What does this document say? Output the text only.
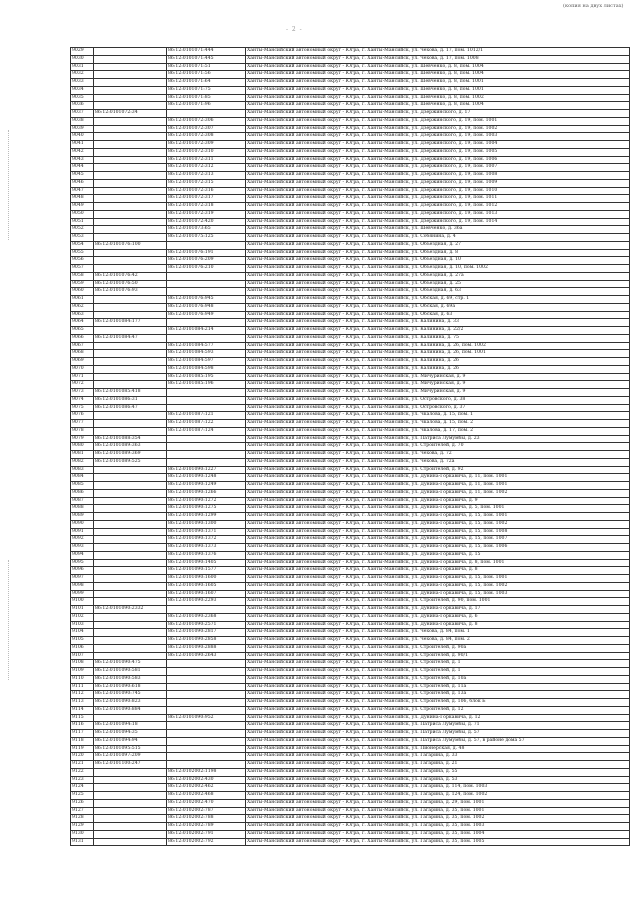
(копия на двух листах)
- 2 -
9029		86:12:0101071:444	Ханты-Мансийский автономный округ - Югра, г. Ханты-Мансийск, ул. Чехова, д. 17, пом. 1012/1
9030		86:12:0101071:445	Ханты-Мансийский автономный округ - Югра, г. Ханты-Мансийск, ул. Чехова, д. 17, пом. 1008
9031		86:12:0101071:51	Ханты-Мансийский автономный округ - Югра, г. Ханты-Мансийск, ул. Шевченко, д. 8, пом. 1004
9032		86:12:0101071:56	Ханты-Мансийский автономный округ - Югра, г. Ханты-Мансийск, ул. Шевченко, д. 8, пом. 1004
9033		86:12:0101071:64	Ханты-Мансийский автономный округ - Югра, г. Ханты-Мансийск, ул. Шевченко, д. 8, пом. 1001
9034		86:12:0101071:75	Ханты-Мансийский автономный округ - Югра, г. Ханты-Мансийск, ул. Шевченко, д. 8, пом. 1001
9035		86:12:0101071:85	Ханты-Мансийский автономный округ - Югра, г. Ханты-Мансийск, ул. Шевченко, д. 8, пом. 1002
9036		86:12:0101071:96	Ханты-Мансийский автономный округ - Югра, г. Ханты-Мансийск, ул. Шевченко, д. 8, пом. 1004
9037	86:12:0101072:34		Ханты-Мансийский автономный округ - Югра, г. Ханты-Мансийск, ул. Дзержинского, д. 17
9038		86:12:0101072:306	Ханты-Мансийский автономный округ - Югра, г. Ханты-Мансийск, ул. Дзержинского, д. 19, пом. 1001
9039		86:12:0101072:307	Ханты-Мансийский автономный округ - Югра, г. Ханты-Мансийск, ул. Дзержинского, д. 19, пом. 1002
9040		86:12:0101072:308	Ханты-Мансийский автономный округ - Югра, г. Ханты-Мансийск, ул. Дзержинского, д. 19, пом. 1003
9041		86:12:0101072:309	Ханты-Мансийский автономный округ - Югра, г. Ханты-Мансийск, ул. Дзержинского, д. 19, пом. 1004
9042		86:12:0101072:310	Ханты-Мансийский автономный округ - Югра, г. Ханты-Мансийск, ул. Дзержинского, д. 19, пом. 1005
9043		86:12:0101072:311	Ханты-Мансийский автономный округ - Югра, г. Ханты-Мансийск, ул. Дзержинского, д. 19, пом. 1006
9044		86:12:0101072:312	Ханты-Мансийский автономный округ - Югра, г. Ханты-Мансийск, ул. Дзержинского, д. 19, пом. 1007
9045		86:12:0101072:313	Ханты-Мансийский автономный округ - Югра, г. Ханты-Мансийск, ул. Дзержинского, д. 19, пом. 1008
9046		86:12:0101072:315	Ханты-Мансийский автономный округ - Югра, г. Ханты-Мансийск, ул. Дзержинского, д. 19, пом. 1009
9047		86:12:0101072:316	Ханты-Мансийский автономный округ - Югра, г. Ханты-Мансийск, ул. Дзержинского, д. 19, пом. 1010
9048		86:12:0101072:317	Ханты-Мансийский автономный округ - Югра, г. Ханты-Мансийск, ул. Дзержинского, д. 19, пом. 1011
9049		86:12:0101072:318	Ханты-Мансийский автономный округ - Югра, г. Ханты-Мансийск, ул. Дзержинского, д. 19, пом. 1012
9050		86:12:0101072:319	Ханты-Мансийский автономный округ - Югра, г. Ханты-Мансийск, ул. Дзержинского, д. 19, пом. 1013
9051		86:12:0101072:420	Ханты-Мансийский автономный округ - Югра, г. Ханты-Мансийск, ул. Дзержинского, д. 19, пом. 1014
9052		86:12:0101073:65	Ханты-Мансийский автономный округ - Югра, г. Ханты-Мансийск, ул. Шевченко, д. 36а
9053		86:12:0101075:125	Ханты-Мансийский автономный округ - Югра, г. Ханты-Мансийск, ул. Собянина, д. 4
9054	86:12:0101076:100		Ханты-Мансийский автономный округ - Югра, г. Ханты-Мансийск, ул. Объездная, д. 27
9055		86:12:0101076:191	Ханты-Мансийский автономный округ - Югра, г. Ханты-Мансийск, ул. Объездная, д. 8
9056		86:12:0101076:209	Ханты-Мансийский автономный округ - Югра, г. Ханты-Мансийск, ул. Объездная, д. 10
9057		86:12:0101076:210	Ханты-Мансийский автономный округ - Югра, г. Ханты-Мансийск, ул. Объездная, д. 10, пом. 1002
9058	86:12:0101076:42		Ханты-Мансийский автономный округ - Югра, г. Ханты-Мансийск, ул. Объездная, д. 27а
9059	86:12:0101076:50		Ханты-Мансийский автономный округ - Югра, г. Ханты-Мансийск, ул. Объездная, д. 25
9060	86:12:0101076:93		Ханты-Мансийский автономный округ - Югра, г. Ханты-Мансийск, ул. Объездная, д. 63
9061		86:12:0101076:945	Ханты-Мансийский автономный округ - Югра, г. Ханты-Мансийск, ул. Обская, д. 69, стр. 1
9062		86:12:0101076:948	Ханты-Мансийский автономный округ - Югра, г. Ханты-Мансийск, ул. Обская, д. 69а
9063		86:12:0101076:949	Ханты-Мансийский автономный округ - Югра, г. Ханты-Мансийск, ул. Обская, д. 63
9064	86:12:0101084:177		Ханты-Мансийский автономный округ - Югра, г. Ханты-Мансийск, ул. Калинина, д. 33
9065		86:12:0101084:214	Ханты-Мансийский автономный округ - Югра, г. Ханты-Мансийск, ул. Калинина, д. 22/2
9066	86:12:0101084:47		Ханты-Мансийский автономный округ - Югра, г. Ханты-Мансийск, ул. Калинина, д. 75
9067		86:12:0101084:577	Ханты-Мансийский автономный округ - Югра, г. Ханты-Мансийск, ул. Калинина, д. 26, пом. 1002
9068		86:12:0101084:593	Ханты-Мансийский автономный округ - Югра, г. Ханты-Мансийск, ул. Калинина, д. 26, пом. 1001
9069		86:12:0101084:597	Ханты-Мансийский автономный округ - Югра, г. Ханты-Мансийск, ул. Калинина, д. 26
9070		86:12:0101084:598	Ханты-Мансийский автономный округ - Югра, г. Ханты-Мансийск, ул. Калинина, д. 26
9071		86:12:0101085:195	Ханты-Мансийский автономный округ - Югра, г. Ханты-Мансийск, ул. Мичуринская, д. 9
9072		86:12:0101085:196	Ханты-Мансийский автономный округ - Югра, г. Ханты-Мансийск, ул. Мичуринская, д. 9
9073	86:12:0101085:418		Ханты-Мансийский автономный округ - Югра, г. Ханты-Мансийск, ул. Мичуринская, д. 9
9074	86:12:0101086:31		Ханты-Мансийский автономный округ - Югра, г. Ханты-Мансийск, ул. Островского, д. 38
9075	86:12:0101086:47		Ханты-Мансийский автономный округ - Югра, г. Ханты-Мансийск, ул. Островского, д. 37
9076		86:12:0101087:121	Ханты-Мансийский автономный округ - Югра, г. Ханты-Мансийск, ул. Чкалова, д. 15, пом. 1
9077		86:12:0101087:122	Ханты-Мансийский автономный округ - Югра, г. Ханты-Мансийск, ул. Чкалова, д. 15, пом. 2
9078		86:12:0101087:124	Ханты-Мансийский автономный округ - Югра, г. Ханты-Мансийск, ул. Чкалова, д. 17, пом. 2
9079	86:12:0101088:354		Ханты-Мансийский автономный округ - Югра, г. Ханты-Мансийск, ул. Патриса Лумумбы, д. 23
9080	86:12:0101089:363		Ханты-Мансийский автономный округ - Югра, г. Ханты-Мансийск, ул. Строителей, д. 70
9081	86:12:0101089:369		Ханты-Мансийский автономный округ - Югра, г. Ханты-Мансийск, ул. Чехова, д. 72
9082	86:12:0101089:525		Ханты-Мансийский автономный округ - Югра, г. Ханты-Мансийск, ул. Чехова, д. 72а
9083		86:12:0101090:1227	Ханты-Мансийский автономный округ - Югра, г. Ханты-Мансийск, ул. Строителей, д. 92
9084		86:12:0101090:1248	Ханты-Мансийский автономный округ - Югра, г. Ханты-Мансийск, ул. Дунина-Горкавича, д. 11, пом. 1001
9085		86:12:0101090:1249	Ханты-Мансийский автономный округ - Югра, г. Ханты-Мансийск, ул. Дунина-Горкавича, д. 11, пом. 1001
9086		86:12:0101090:1266	Ханты-Мансийский автономный округ - Югра, г. Ханты-Мансийск, ул. Дунина-Горкавича, д. 11, пом. 1002
9087		86:12:0101090:1272	Ханты-Мансийский автономный округ - Югра, г. Ханты-Мансийск, ул. Дунина-Горкавича, д. 9
9088		86:12:0101090:1275	Ханты-Мансийский автономный округ - Югра, г. Ханты-Мансийск, ул. Дунина-Горкавича, д. 5, пом. 1001
9089		86:12:0101090:1299	Ханты-Мансийский автономный округ - Югра, г. Ханты-Мансийск, ул. Дунина-Горкавича, д. 15, пом. 1001
9090		86:12:0101090:1300	Ханты-Мансийский автономный округ - Югра, г. Ханты-Мансийск, ул. Дунина-Горкавича, д. 15, пом. 1002
9091		86:12:0101090:1371	Ханты-Мансийский автономный округ - Югра, г. Ханты-Мансийск, ул. Дунина-Горкавича, д. 15, пом. 1008
9092		86:12:0101090:1372	Ханты-Мансийский автономный округ - Югра, г. Ханты-Мансийск, ул. Дунина-Горкавича, д. 15, пом. 1007
9093		86:12:0101090:1373	Ханты-Мансийский автономный округ - Югра, г. Ханты-Мансийск, ул. Дунина-Горкавича, д. 15, пом. 1006
9094		86:12:0101090:1376	Ханты-Мансийский автономный округ - Югра, г. Ханты-Мансийск, ул. Дунина-Горкавича, д. 15
9095		86:12:0101090:1405	Ханты-Мансийский автономный округ - Югра, г. Ханты-Мансийск, ул. Дунина-Горкавича, д. 8, пом. 1001
9096		86:12:0101090:1577	Ханты-Мансийский автономный округ - Югра, г. Ханты-Мансийск, ул. Дунина-Горкавича, д. 8
9097		86:12:0101090:1600	Ханты-Мансийский автономный округ - Югра, г. Ханты-Мансийск, ул. Дунина-Горкавича, д. 15, пом. 1001
9098		86:12:0101090:1605	Ханты-Мансийский автономный округ - Югра, г. Ханты-Мансийск, ул. Дунина-Горкавича, д. 15, пом. 1002
9099		86:12:0101090:1607	Ханты-Мансийский автономный округ - Югра, г. Ханты-Мансийск, ул. Дунина-Горкавича, д. 15, пом. 1003
9100		86:12:0101090:2293	Ханты-Мансийский автономный округ - Югра, г. Ханты-Мансийск, ул. Строителей, д. 90, пом. 1001
9101	86:12:0101090:2332		Ханты-Мансийский автономный округ - Югра, г. Ханты-Мансийск, ул. Дунина-Горкавича, д. 17
9102		86:12:0101090:2368	Ханты-Мансийский автономный округ - Югра, г. Ханты-Мансийск, ул. Дунина-Горкавича, д. 6
9103		86:12:0101090:2571	Ханты-Мансийский автономный округ - Югра, г. Ханты-Мансийск, ул. Дунина-Горкавича, д. 8
9104		86:12:0101090:2817	Ханты-Мансийский автономный округ - Югра, г. Ханты-Мансийск, ул. Чехова, д. 84, пом. 1
9105		86:12:0101090:2858	Ханты-Мансийский автономный округ - Югра, г. Ханты-Мансийск, ул. Чехова, д. 84, пом. 2
9106		86:12:0101090:2888	Ханты-Мансийский автономный округ - Югра, г. Ханты-Мансийск, ул. Строителей, д. 90а
9107		86:12:0101090:2643	Ханты-Мансийский автономный округ - Югра, г. Ханты-Мансийск, ул. Строителей, д. 90/1
9108	86:12:0101090:475		Ханты-Мансийский автономный округ - Югра, г. Ханты-Мансийск, ул. Строителей, д. 1
9109	86:12:0101090:581		Ханты-Мансийский автономный округ - Югра, г. Ханты-Мансийск, ул. Строителей, д. 1
9110	86:12:0101090:583		Ханты-Мансийский автономный округ - Югра, г. Ханты-Мансийск, ул. Строителей, д. 10а
9111	86:12:0101090:618		Ханты-Мансийский автономный округ - Югра, г. Ханты-Мансийск, ул. Строителей, д. 11а
9112	86:12:0101090:745		Ханты-Мансийский автономный округ - Югра, г. Ханты-Мансийск, ул. Строителей, д. 13а
9113	86:12:0101090:823		Ханты-Мансийский автономный округ - Югра, г. Ханты-Мансийск, ул. Строителей, д. 106, блок Б
9114	86:12:0101090:884		Ханты-Мансийский автономный округ - Югра, г. Ханты-Мансийск, ул. Строителей, д. 12
9115		86:12:0101090:952	Ханты-Мансийский автономный округ - Югра, г. Ханты-Мансийск, ул. Дунина-Горкавича, д. 12
9116	86:12:0101094:18		Ханты-Мансийский автономный округ - Югра, г. Ханты-Мансийск, ул. Патриса Лумумбы, д. 71
9117	86:12:0101094:35		Ханты-Мансийский автономный округ - Югра, г. Ханты-Мансийск, ул. Патриса Лумумбы, д. 57
9118	86:12:0101094:94		Ханты-Мансийский автономный округ - Югра, г. Ханты-Мансийск, ул. Патриса Лумумбы, д. 57, в районе дома 57
9119	86:12:0101095:515		Ханты-Мансийский автономный округ - Югра, г. Ханты-Мансийск, ул. Пионерская, д. 48
9120	86:12:0101097:209		Ханты-Мансийский автономный округ - Югра, г. Ханты-Мансийск, ул. Гагарина, д. 33
9121	86:12:0101100:247		Ханты-Мансийский автономный округ - Югра, г. Ханты-Мансийск, ул. Гагарина, д. 21
9122		86:12:0102002:1198	Ханты-Мансийский автономный округ - Югра, г. Ханты-Мансийск, ул. Гагарина, д. 55
9123		86:12:0102002:430	Ханты-Мансийский автономный округ - Югра, г. Ханты-Мансийск, ул. Гагарина, д. 53
9124		86:12:0102002:462	Ханты-Мансийский автономный округ - Югра, г. Ханты-Мансийск, ул. Гагарина, д. 114, пом. 1003
9125		86:12:0102002:468	Ханты-Мансийский автономный округ - Югра, г. Ханты-Мансийск, ул. Гагарина, д. 124, пом. 1002
9126		86:12:0102002:470	Ханты-Мансийский автономный округ - Югра, г. Ханты-Мансийск, ул. Гагарина, д. 29, пом. 1001
9127		86:12:0102002:787	Ханты-Мансийский автономный округ - Югра, г. Ханты-Мансийск, ул. Гагарина, д. 35, пом. 1001
9128		86:12:0102002:788	Ханты-Мансийский автономный округ - Югра, г. Ханты-Мансийск, ул. Гагарина, д. 35, пом. 1002
9129		86:12:0102002:789	Ханты-Мансийский автономный округ - Югра, г. Ханты-Мансийск, ул. Гагарина, д. 35, пом. 1003
9130		86:12:0102002:791	Ханты-Мансийский автономный округ - Югра, г. Ханты-Мансийск, ул. Гагарина, д. 35, пом. 1004
9131		86:12:0102002:792	Ханты-Мансийский автономный округ - Югра, г. Ханты-Мансийск, ул. Гагарина, д. 35, пом. 1005
